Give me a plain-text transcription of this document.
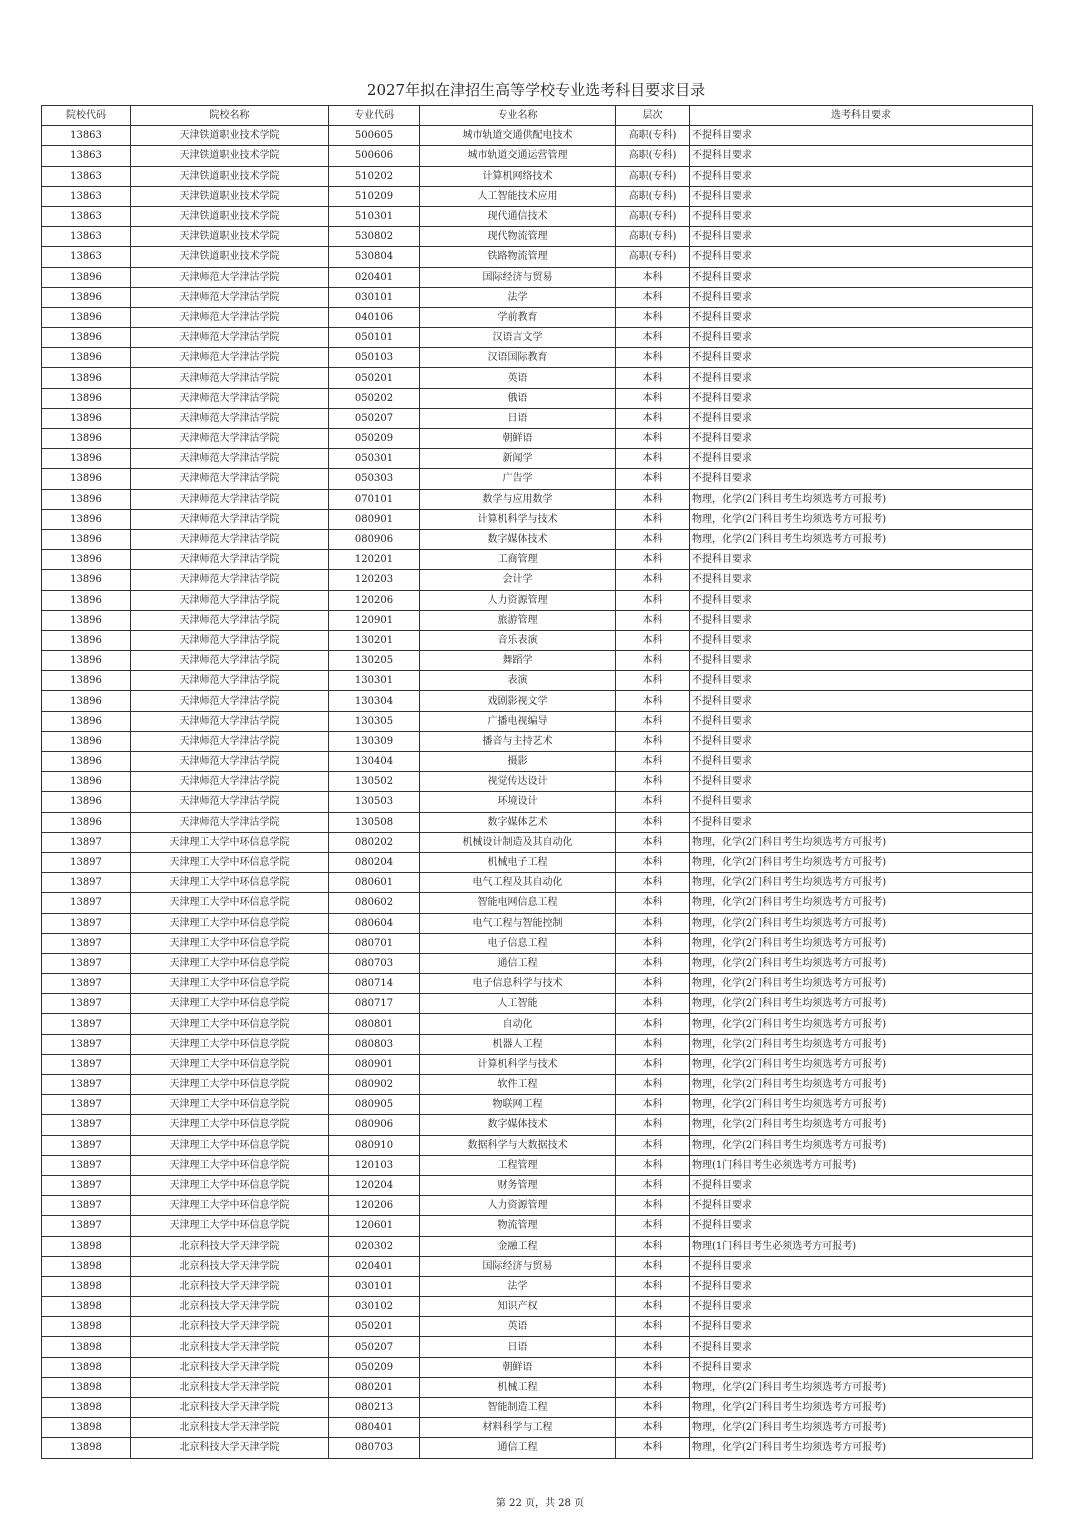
2027年拟在津招生高等学校专业选考科目要求目录
院校代码	院校名称	专业代码	专业名称	层次	选考科目要求
13863	天津铁道职业技术学院	500605	城市轨道交通供配电技术	高职(专科)	不提科目要求
13863	天津铁道职业技术学院	500606	城市轨道交通运营管理	高职(专科)	不提科目要求
13863	天津铁道职业技术学院	510202	计算机网络技术	高职(专科)	不提科目要求
13863	天津铁道职业技术学院	510209	人工智能技术应用	高职(专科)	不提科目要求
13863	天津铁道职业技术学院	510301	现代通信技术	高职(专科)	不提科目要求
13863	天津铁道职业技术学院	530802	现代物流管理	高职(专科)	不提科目要求
13863	天津铁道职业技术学院	530804	铁路物流管理	高职(专科)	不提科目要求
13896	天津师范大学津沽学院	020401	国际经济与贸易	本科	不提科目要求
13896	天津师范大学津沽学院	030101	法学	本科	不提科目要求
13896	天津师范大学津沽学院	040106	学前教育	本科	不提科目要求
13896	天津师范大学津沽学院	050101	汉语言文学	本科	不提科目要求
13896	天津师范大学津沽学院	050103	汉语国际教育	本科	不提科目要求
13896	天津师范大学津沽学院	050201	英语	本科	不提科目要求
13896	天津师范大学津沽学院	050202	俄语	本科	不提科目要求
13896	天津师范大学津沽学院	050207	日语	本科	不提科目要求
13896	天津师范大学津沽学院	050209	朝鲜语	本科	不提科目要求
13896	天津师范大学津沽学院	050301	新闻学	本科	不提科目要求
13896	天津师范大学津沽学院	050303	广告学	本科	不提科目要求
13896	天津师范大学津沽学院	070101	数学与应用数学	本科	物理，化学(2门科目考生均须选考方可报考)
13896	天津师范大学津沽学院	080901	计算机科学与技术	本科	物理，化学(2门科目考生均须选考方可报考)
13896	天津师范大学津沽学院	080906	数字媒体技术	本科	物理，化学(2门科目考生均须选考方可报考)
13896	天津师范大学津沽学院	120201	工商管理	本科	不提科目要求
13896	天津师范大学津沽学院	120203	会计学	本科	不提科目要求
13896	天津师范大学津沽学院	120206	人力资源管理	本科	不提科目要求
13896	天津师范大学津沽学院	120901	旅游管理	本科	不提科目要求
13896	天津师范大学津沽学院	130201	音乐表演	本科	不提科目要求
13896	天津师范大学津沽学院	130205	舞蹈学	本科	不提科目要求
13896	天津师范大学津沽学院	130301	表演	本科	不提科目要求
13896	天津师范大学津沽学院	130304	戏剧影视文学	本科	不提科目要求
13896	天津师范大学津沽学院	130305	广播电视编导	本科	不提科目要求
13896	天津师范大学津沽学院	130309	播音与主持艺术	本科	不提科目要求
13896	天津师范大学津沽学院	130404	摄影	本科	不提科目要求
13896	天津师范大学津沽学院	130502	视觉传达设计	本科	不提科目要求
13896	天津师范大学津沽学院	130503	环境设计	本科	不提科目要求
13896	天津师范大学津沽学院	130508	数字媒体艺术	本科	不提科目要求
13897	天津理工大学中环信息学院	080202	机械设计制造及其自动化	本科	物理，化学(2门科目考生均须选考方可报考)
13897	天津理工大学中环信息学院	080204	机械电子工程	本科	物理，化学(2门科目考生均须选考方可报考)
13897	天津理工大学中环信息学院	080601	电气工程及其自动化	本科	物理，化学(2门科目考生均须选考方可报考)
13897	天津理工大学中环信息学院	080602	智能电网信息工程	本科	物理，化学(2门科目考生均须选考方可报考)
13897	天津理工大学中环信息学院	080604	电气工程与智能控制	本科	物理，化学(2门科目考生均须选考方可报考)
13897	天津理工大学中环信息学院	080701	电子信息工程	本科	物理，化学(2门科目考生均须选考方可报考)
13897	天津理工大学中环信息学院	080703	通信工程	本科	物理，化学(2门科目考生均须选考方可报考)
13897	天津理工大学中环信息学院	080714	电子信息科学与技术	本科	物理，化学(2门科目考生均须选考方可报考)
13897	天津理工大学中环信息学院	080717	人工智能	本科	物理，化学(2门科目考生均须选考方可报考)
13897	天津理工大学中环信息学院	080801	自动化	本科	物理，化学(2门科目考生均须选考方可报考)
13897	天津理工大学中环信息学院	080803	机器人工程	本科	物理，化学(2门科目考生均须选考方可报考)
13897	天津理工大学中环信息学院	080901	计算机科学与技术	本科	物理，化学(2门科目考生均须选考方可报考)
13897	天津理工大学中环信息学院	080902	软件工程	本科	物理，化学(2门科目考生均须选考方可报考)
13897	天津理工大学中环信息学院	080905	物联网工程	本科	物理，化学(2门科目考生均须选考方可报考)
13897	天津理工大学中环信息学院	080906	数字媒体技术	本科	物理，化学(2门科目考生均须选考方可报考)
13897	天津理工大学中环信息学院	080910	数据科学与大数据技术	本科	物理，化学(2门科目考生均须选考方可报考)
13897	天津理工大学中环信息学院	120103	工程管理	本科	物理(1门科目考生必须选考方可报考)
13897	天津理工大学中环信息学院	120204	财务管理	本科	不提科目要求
13897	天津理工大学中环信息学院	120206	人力资源管理	本科	不提科目要求
13897	天津理工大学中环信息学院	120601	物流管理	本科	不提科目要求
13898	北京科技大学天津学院	020302	金融工程	本科	物理(1门科目考生必须选考方可报考)
13898	北京科技大学天津学院	020401	国际经济与贸易	本科	不提科目要求
13898	北京科技大学天津学院	030101	法学	本科	不提科目要求
13898	北京科技大学天津学院	030102	知识产权	本科	不提科目要求
13898	北京科技大学天津学院	050201	英语	本科	不提科目要求
13898	北京科技大学天津学院	050207	日语	本科	不提科目要求
13898	北京科技大学天津学院	050209	朝鲜语	本科	不提科目要求
13898	北京科技大学天津学院	080201	机械工程	本科	物理，化学(2门科目考生均须选考方可报考)
13898	北京科技大学天津学院	080213	智能制造工程	本科	物理，化学(2门科目考生均须选考方可报考)
13898	北京科技大学天津学院	080401	材料科学与工程	本科	物理，化学(2门科目考生均须选考方可报考)
13898	北京科技大学天津学院	080703	通信工程	本科	物理，化学(2门科目考生均须选考方可报考)
第 22 页，共 28 页
